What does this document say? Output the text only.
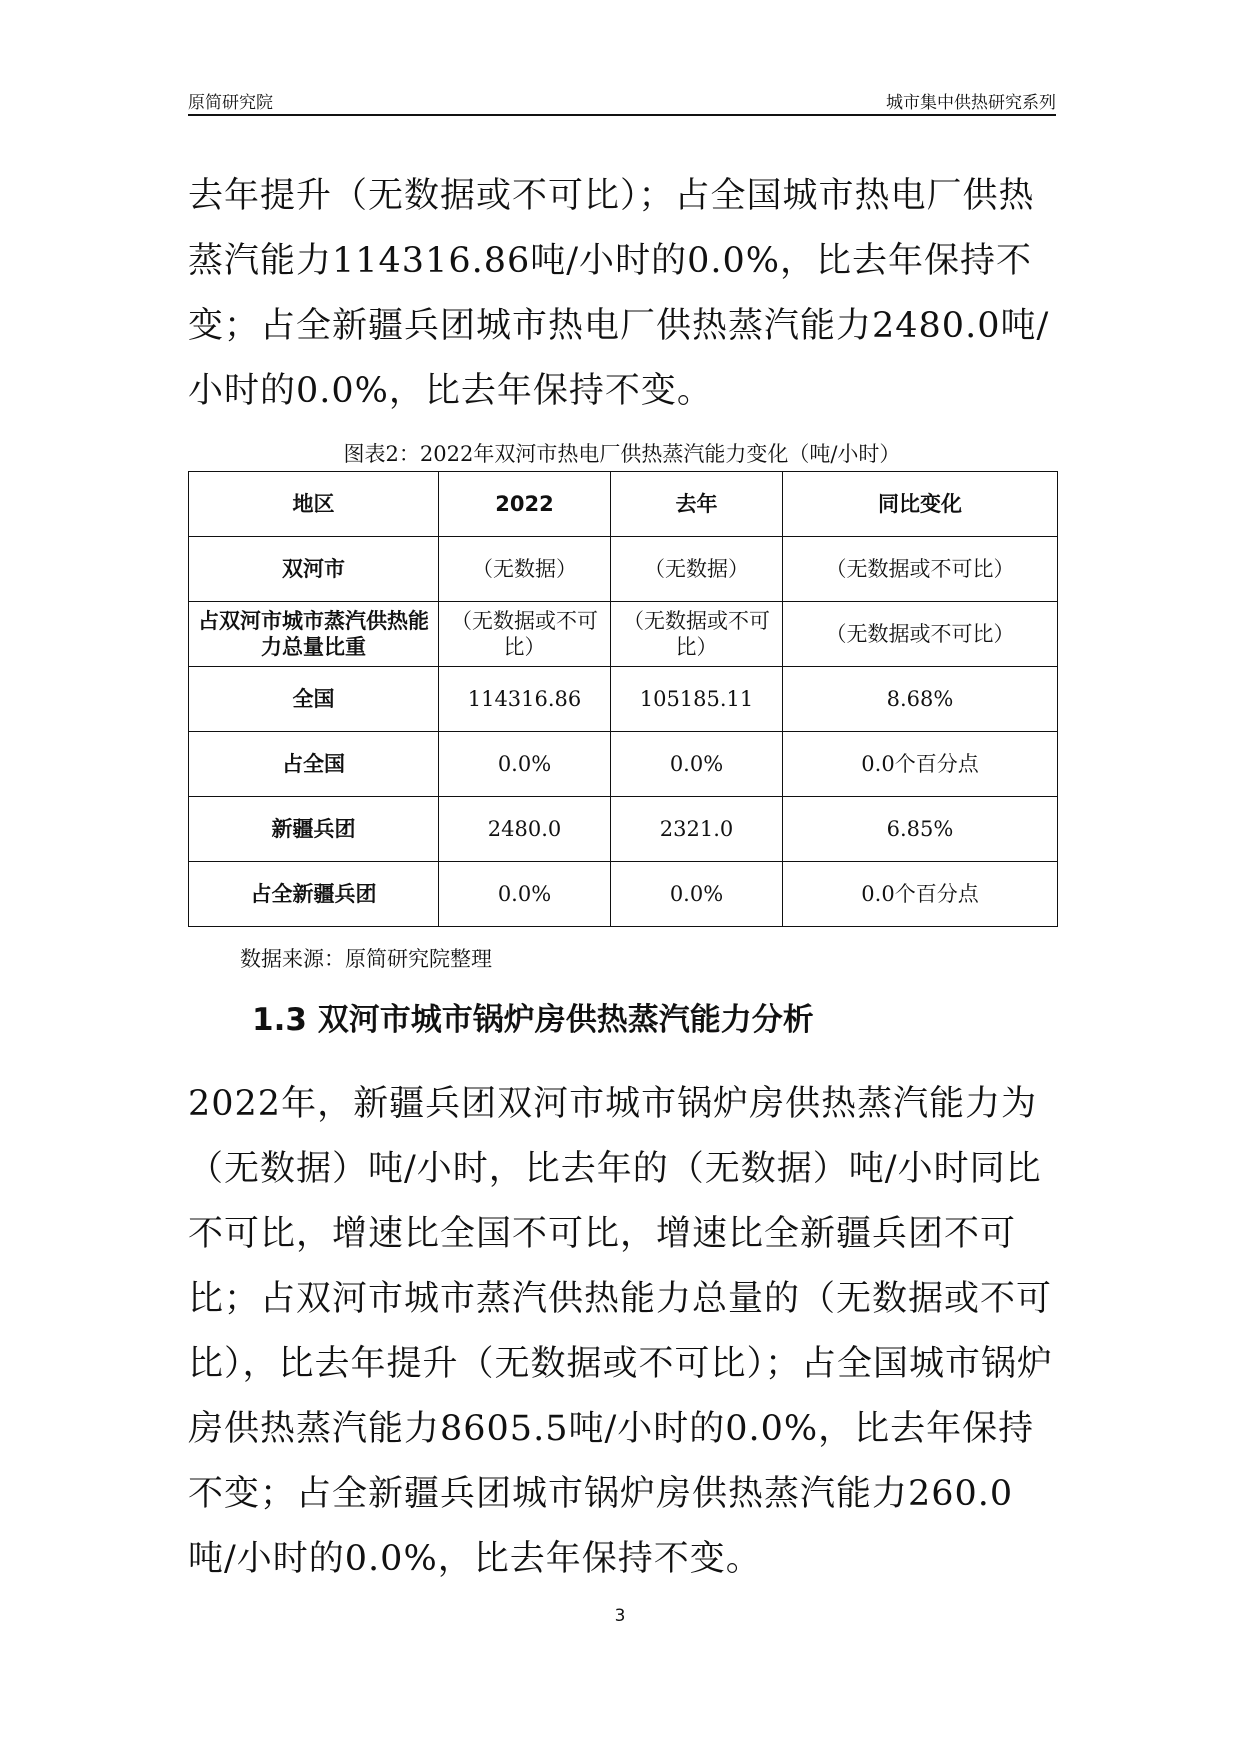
原简研究院	城市集中供热研究系列

去年提升（无数据或不可比）；占全国城市热电厂供热蒸汽能力114316.86吨/小时的0.0%，比去年保持不变；占全新疆兵团城市热电厂供热蒸汽能力2480.0吨/小时的0.0%，比去年保持不变。

图表2：2022年双河市热电厂供热蒸汽能力变化（吨/小时）
地区	2022	去年	同比变化
双河市	（无数据）	（无数据）	（无数据或不可比）
占双河市城市蒸汽供热能力总量比重	（无数据或不可比）	（无数据或不可比）	（无数据或不可比）
全国	114316.86	105185.11	8.68%
占全国	0.0%	0.0%	0.0个百分点
新疆兵团	2480.0	2321.0	6.85%
占全新疆兵团	0.0%	0.0%	0.0个百分点
数据来源：原简研究院整理
1.3 双河市城市锅炉房供热蒸汽能力分析

2022年，新疆兵团双河市城市锅炉房供热蒸汽能力为（无数据）吨/小时，比去年的（无数据）吨/小时同比不可比，增速比全国不可比，增速比全新疆兵团不可比；占双河市城市蒸汽供热能力总量的（无数据或不可比），比去年提升（无数据或不可比）；占全国城市锅炉房供热蒸汽能力8605.5吨/小时的0.0%，比去年保持不变；占全新疆兵团城市锅炉房供热蒸汽能力260.0吨/小时的0.0%，比去年保持不变。

3
